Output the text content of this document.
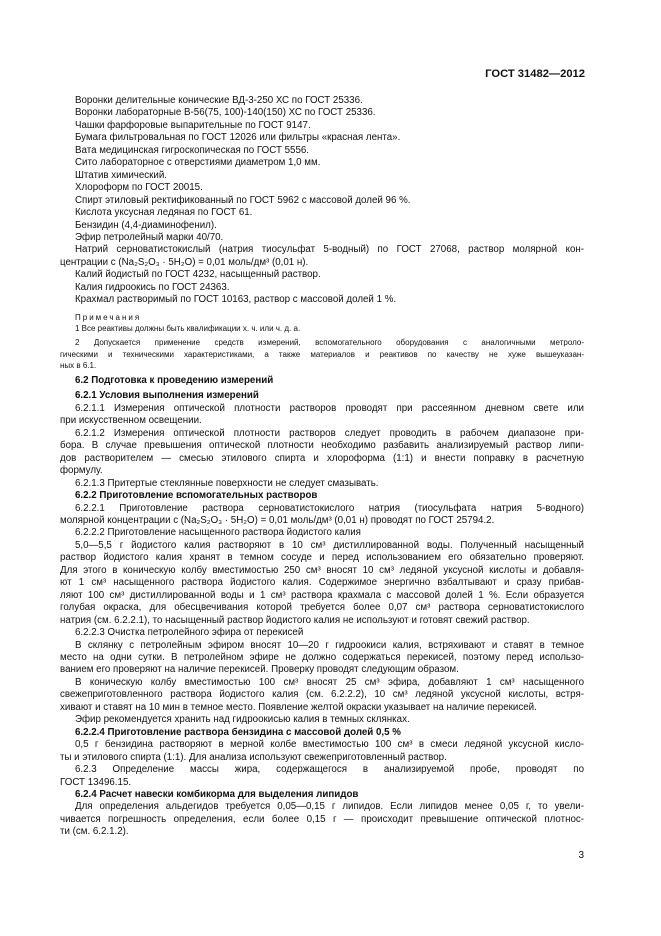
ГОСТ 31482—2012

Воронки делительные конические ВД-3-250 ХС по ГОСТ 25336.

Воронки лабораторные В-56(75, 100)-140(150) ХС по ГОСТ 25336.

Чашки фарфоровые выпарительные по ГОСТ 9147.

Бумага фильтровальная по ГОСТ 12026 или фильтры «красная лента».

Вата медицинская гигроскопическая по ГОСТ 5556.

Сито лабораторное с отверстиями диаметром 1,0 мм.

Штатив химический.

Хлороформ по ГОСТ 20015.

Спирт этиловый ректификованный по ГОСТ 5962 с массовой долей 96 %.

Кислота уксусная ледяная по ГОСТ 61.

Бензидин (4,4-диаминофенил).

Эфир петролейный марки 40/70.

Натрий серноватистокислый (натрия тиосульфат 5-водный) по ГОСТ 27068, раствор молярной кон-

центрации с (Na₂S₂O₃ · 5H₂O) = 0,01 моль/дм³ (0,01 н).

Калий йодистый по ГОСТ 4232, насыщенный раствор.

Калия гидроокись по ГОСТ 24363.

Крахмал растворимый по ГОСТ 10163, раствор с массовой долей 1 %.

Примечания
1 Все реактивы должны быть квалификации х. ч. или ч. д. а.
2 Допускается применение средств измерений, вспомогательного оборудования с аналогичными метроло-
гическими и техническими характеристиками, а также материалов и реактивов по качеству не хуже вышеуказан-
ных в 6.1.
6.2 Подготовка к проведению измерений
6.2.1 Условия выполнения измерений

6.2.1.1 Измерения оптической плотности растворов проводят при рассеянном дневном свете или

при искусственном освещении.

6.2.1.2 Измерения оптической плотности растворов следует проводить в рабочем диапазоне при-

бора. В случае превышения оптической плотности необходимо разбавить анализируемый раствор липи-

дов растворителем — смесью этилового спирта и хлороформа (1:1) и внести поправку в расчетную

формулу.

6.2.1.3 Притертые стеклянные поверхности не следует смазывать.

6.2.2 Приготовление вспомогательных растворов

6.2.2.1 Приготовление раствора серноватистокислого натрия (тиосульфата натрия 5-водного)

молярной концентрации с (Na₂S₂O₃ · 5H₂O) = 0,01 моль/дм³ (0,01 н) проводят по ГОСТ 25794.2.

6.2.2.2 Приготовление насыщенного раствора йодистого калия

5,0—5,5 г йодистого калия растворяют в 10 см³ дистиллированной воды. Полученный насыщенный

раствор йодистого калия хранят в темном сосуде и перед использованием его обязательно проверяют.

Для этого в коническую колбу вместимостью 250 см³ вносят 10 см³ ледяной уксусной кислоты и добавля-

ют 1 см³ насыщенного раствора йодистого калия. Содержимое энергично взбалтывают и сразу прибав-

ляют 100 см³ дистиллированной воды и 1 см³ раствора крахмала с массовой долей 1 %. Если образуется

голубая окраска, для обесцвечивания которой требуется более 0,07 см³ раствора серноватистокислого

натрия (см. 6.2.2.1), то насыщенный раствор йодистого калия не используют и готовят свежий раствор.

6.2.2.3 Очистка петролейного эфира от перекисей

В склянку с петролейным эфиром вносят 10—20 г гидроокиси калия, встряхивают и ставят в темное

место на одни сутки. В петролейном эфире не должно содержаться перекисей, поэтому перед использо-

ванием его проверяют на наличие перекисей. Проверку проводят следующим образом.

В коническую колбу вместимостью 100 см³ вносят 25 см³ эфира, добавляют 1 см³ насыщенного

свежеприготовленного раствора йодистого калия (см. 6.2.2.2), 10 см³ ледяной уксусной кислоты, встря-

хивают и ставят на 10 мин в темное место. Появление желтой окраски указывает на наличие перекисей.

Эфир рекомендуется хранить над гидроокисью калия в темных склянках.

6.2.2.4 Приготовление раствора бензидина с массовой долей 0,5 %

0,5 г бензидина растворяют в мерной колбе вместимостью 100 см³ в смеси ледяной уксусной кисло-

ты и этилового спирта (1:1). Для анализа используют свежеприготовленный раствор.

6.2.3 Определение массы жира, содержащегося в анализируемой пробе, проводят по

ГОСТ 13496.15.

6.2.4 Расчет навески комбикорма для выделения липидов

Для определения альдегидов требуется 0,05—0,15 г липидов. Если липидов менее 0,05 г, то увели-

чивается погрешность определения, если более 0,15 г — происходит превышение оптической плотнос-

ти (см. 6.2.1.2).

3
